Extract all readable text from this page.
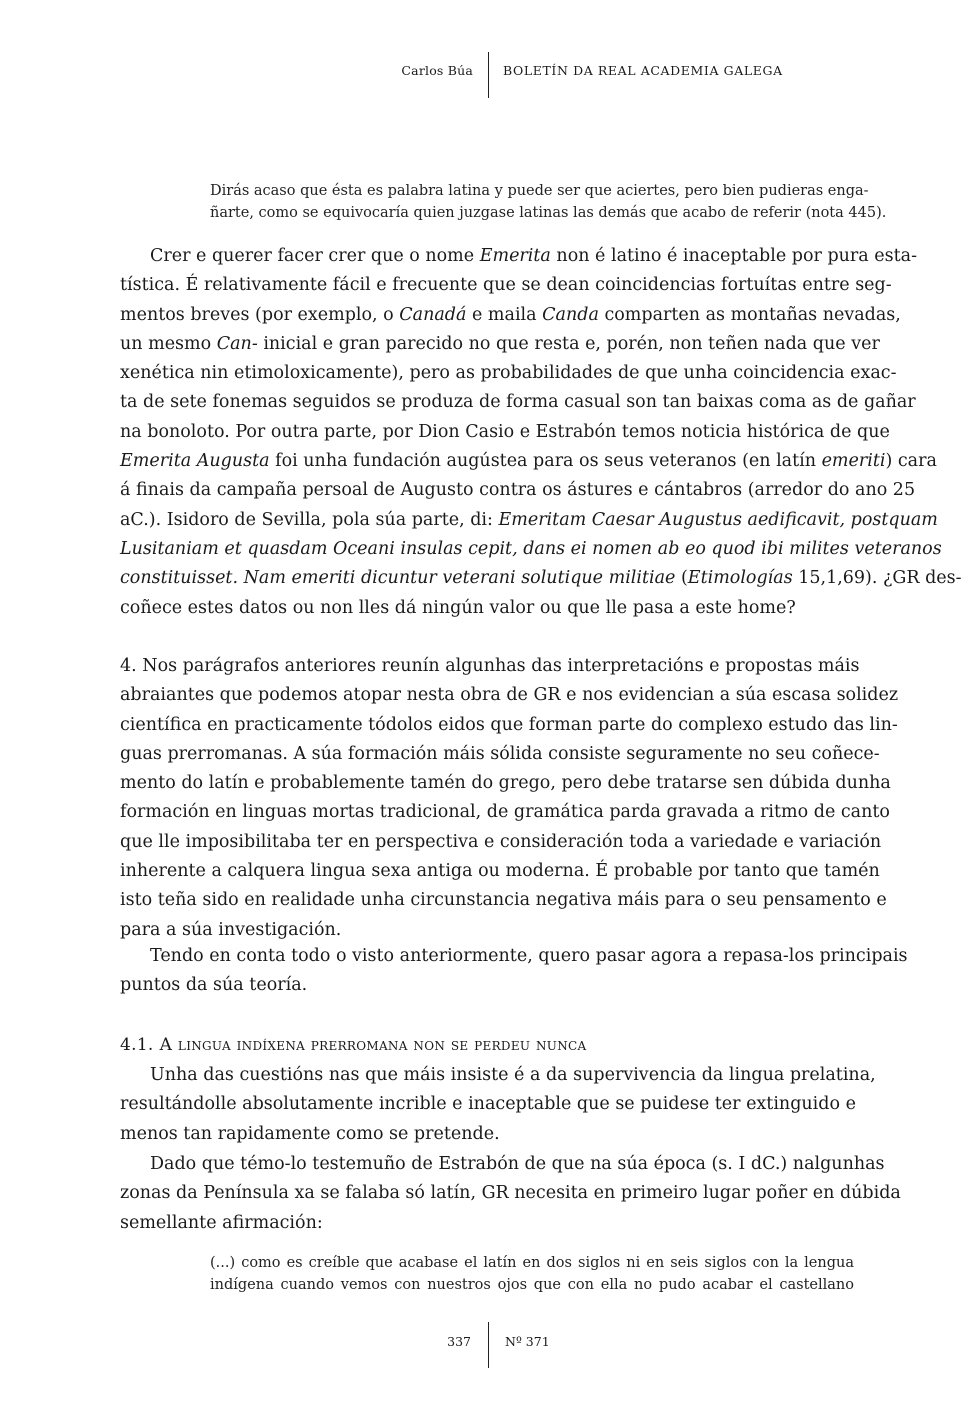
Carlos Búa BOLETÍN DA REAL ACADEMIA GALEGA
Dirás acaso que ésta es palabra latina y puede ser que aciertes, pero bien pudieras enga-
ñarte, como se equivocaría quien juzgase latinas las demás que acabo de referir (nota 445).
Crer e querer facer crer que o nome Emerita non é latino é inaceptable por pura esta-
tística. É relativamente fácil e frecuente que se dean coincidencias fortuítas entre seg-
mentos breves (por exemplo, o Canadá e maila Canda comparten as montañas nevadas,
un mesmo Can- inicial e gran parecido no que resta e, porén, non teñen nada que ver
xenética nin etimoloxicamente), pero as probabilidades de que unha coincidencia exac-
ta de sete fonemas seguidos se produza de forma casual son tan baixas coma as de gañar
na bonoloto. Por outra parte, por Dion Casio e Estrabón temos noticia histórica de que
Emerita Augusta foi unha fundación augústea para os seus veteranos (en latín emeriti) cara
á finais da campaña persoal de Augusto contra os ástures e cántabros (arredor do ano 25
aC.). Isidoro de Sevilla, pola súa parte, di: Emeritam Caesar Augustus aedificavit, postquam
Lusitaniam et quasdam Oceani insulas cepit, dans ei nomen ab eo quod ibi milites veteranos
constituisset. Nam emeriti dicuntur veterani solutique militiae (Etimologías 15,1,69). ¿GR des-
coñece estes datos ou non lles dá ningún valor ou que lle pasa a este home?
4. Nos parágrafos anteriores reunín algunhas das interpretacións e propostas máis
abraiantes que podemos atopar nesta obra de GR e nos evidencian a súa escasa solidez
científica en practicamente tódolos eidos que forman parte do complexo estudo das lin-
guas prerromanas. A súa formación máis sólida consiste seguramente no seu coñece-
mento do latín e probablemente tamén do grego, pero debe tratarse sen dúbida dunha
formación en linguas mortas tradicional, de gramática parda gravada a ritmo de canto
que lle imposibilitaba ter en perspectiva e consideración toda a variedade e variación
inherente a calquera lingua sexa antiga ou moderna. É probable por tanto que tamén
isto teña sido en realidade unha circunstancia negativa máis para o seu pensamento e
para a súa investigación.
Tendo en conta todo o visto anteriormente, quero pasar agora a repasa-los principais
puntos da súa teoría.
4.1. A lingua indíxena prerromana non se perdeu nunca
Unha das cuestións nas que máis insiste é a da supervivencia da lingua prelatina,
resultándolle absolutamente incrible e inaceptable que se puidese ter extinguido e
menos tan rapidamente como se pretende.
Dado que témo-lo testemuño de Estrabón de que na súa época (s. I dC.) nalgunhas
zonas da Península xa se falaba só latín, GR necesita en primeiro lugar poñer en dúbida
semellante afirmación:
(...) como es creíble que acabase el latín en dos siglos ni en seis siglos con la lengua
indígena cuando vemos con nuestros ojos que con ella no pudo acabar el castellano
337	Nº 371
